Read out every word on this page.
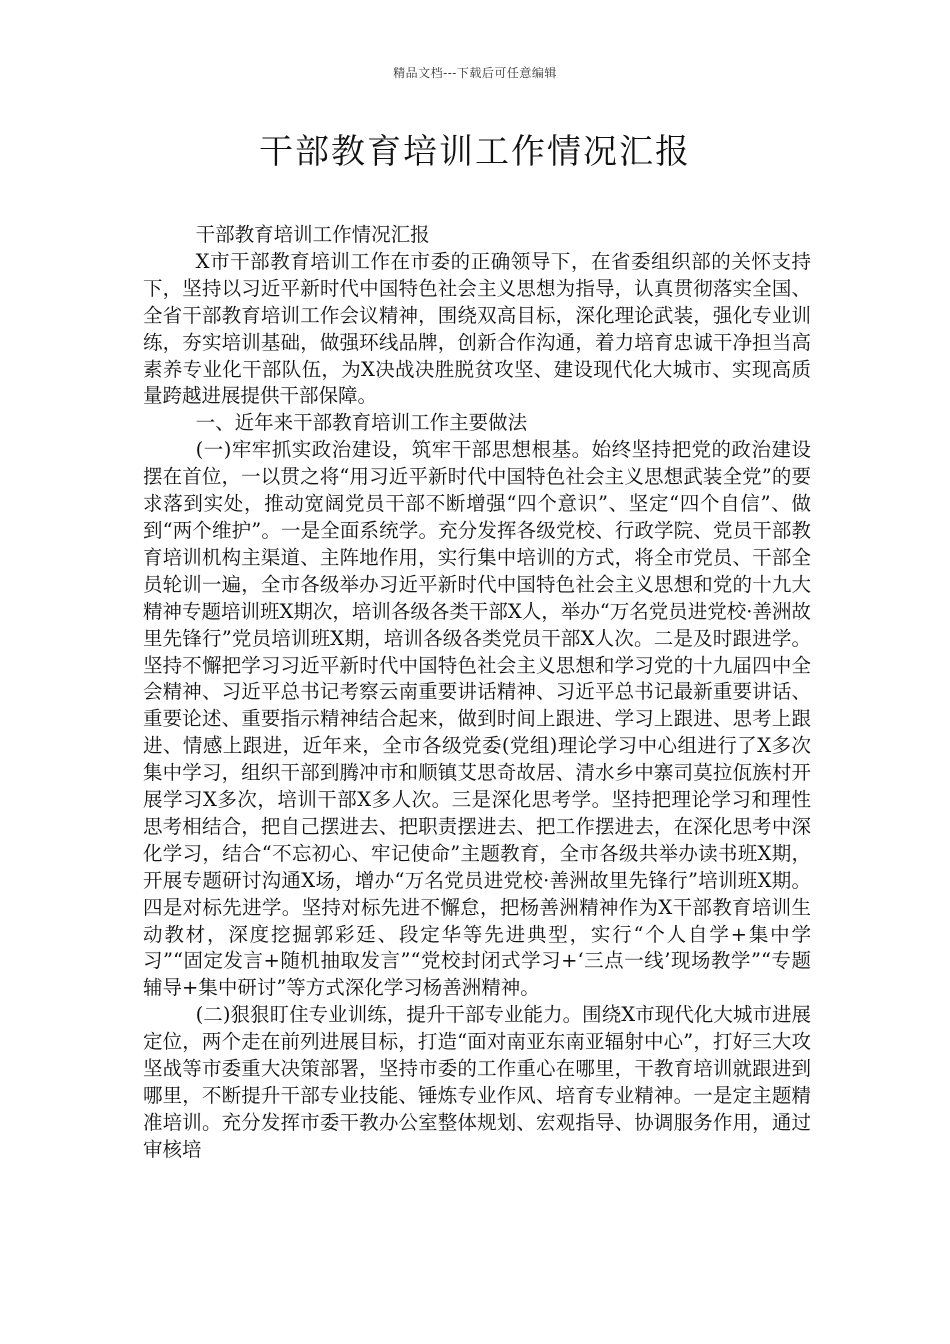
精品文档---下载后可任意编辑
干部教育培训工作情况汇报

干部教育培训工作情况汇报

X市干部教育培训工作在市委的正确领导下，在省委组织部的关怀支持下，坚持以习近平新时代中国特色社会主义思想为指导，认真贯彻落实全国、全省干部教育培训工作会议精神，围绕双高目标，深化理论武装，强化专业训练，夯实培训基础，做强环线品牌，创新合作沟通，着力培育忠诚干净担当高素养专业化干部队伍，为X决战决胜脱贫攻坚、建设现代化大城市、实现高质量跨越进展提供干部保障。

一、近年来干部教育培训工作主要做法

(一)牢牢抓实政治建设，筑牢干部思想根基。始终坚持把党的政治建设摆在首位，一以贯之将“用习近平新时代中国特色社会主义思想武装全党”的要求落到实处，推动宽阔党员干部不断增强“四个意识”、坚定“四个自信”、做到“两个维护”。一是全面系统学。充分发挥各级党校、行政学院、党员干部教育培训机构主渠道、主阵地作用，实行集中培训的方式，将全市党员、干部全员轮训一遍，全市各级举办习近平新时代中国特色社会主义思想和党的十九大精神专题培训班X期次，培训各级各类干部X人，举办“万名党员进党校·善洲故里先锋行”党员培训班X期，培训各级各类党员干部X人次。二是及时跟进学。坚持不懈把学习习近平新时代中国特色社会主义思想和学习党的十九届四中全会精神、习近平总书记考察云南重要讲话精神、习近平总书记最新重要讲话、重要论述、重要指示精神结合起来，做到时间上跟进、学习上跟进、思考上跟进、情感上跟进，近年来，全市各级党委(党组)理论学习中心组进行了X多次集中学习，组织干部到腾冲市和顺镇艾思奇故居、清水乡中寨司莫拉佤族村开展学习X多次，培训干部X多人次。三是深化思考学。坚持把理论学习和理性思考相结合，把自己摆进去、把职责摆进去、把工作摆进去，在深化思考中深化学习，结合“不忘初心、牢记使命”主题教育，全市各级共举办读书班X期，开展专题研讨沟通X场，增办“万名党员进党校·善洲故里先锋行”培训班X期。四是对标先进学。坚持对标先进不懈怠，把杨善洲精神作为X干部教育培训生动教材，深度挖掘郭彩廷、段定华等先进典型，实行“个人自学+集中学习”“固定发言+随机抽取发言”“党校封闭式学习+‘三点一线’现场教学”“专题辅导+集中研讨”等方式深化学习杨善洲精神。

(二)狠狠盯住专业训练，提升干部专业能力。围绕X市现代化大城市进展定位，两个走在前列进展目标，打造“面对南亚东南亚辐射中心”，打好三大攻坚战等市委重大决策部署，坚持市委的工作重心在哪里，干教育培训就跟进到哪里，不断提升干部专业技能、锤炼专业作风、培育专业精神。一是定主题精准培训。充分发挥市委干教办公室整体规划、宏观指导、协调服务作用，通过审核培
